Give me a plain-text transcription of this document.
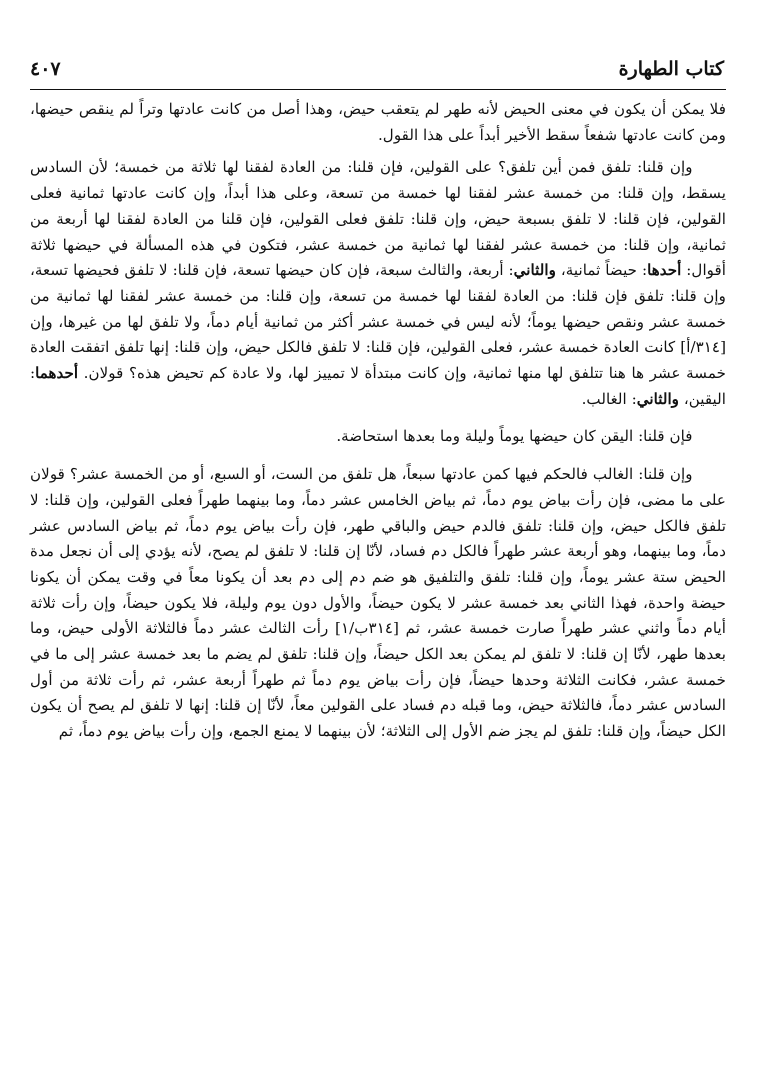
كتاب الطهارة
٤٠٧

فلا يمكن أن يكون في معنى الحيض لأنه طهر لم يتعقب حيض، وهذا أصل من كانت عادتها وتراً لم ينقص حيضها، ومن كانت عادتها شفعاً سقط الأخير أبداً على هذا القول.

وإن قلنا: تلفق فمن أين تلفق؟ على القولين، فإن قلنا: من العادة لفقنا لها ثلاثة من خمسة؛ لأن السادس يسقط، وإن قلنا: من خمسة عشر لفقنا لها خمسة من تسعة، وعلى هذا أبداً، وإن كانت عادتها ثمانية فعلى القولين، فإن قلنا: لا تلفق بسبعة حيض، وإن قلنا: تلفق فعلى القولين، فإن قلنا من العادة لفقنا لها أربعة من ثمانية، وإن قلنا: من خمسة عشر لفقنا لها ثمانية من خمسة عشر، فتكون في هذه المسألة في حيضها ثلاثة أقوال: أحدها: حيضاً ثمانية، والثاني: أربعة، والثالث سبعة، فإن كان حيضها تسعة، فإن قلنا: لا تلفق فحيضها تسعة، وإن قلنا: تلفق فإن قلنا: من العادة لفقنا لها خمسة من تسعة، وإن قلنا: من خمسة عشر لفقنا لها ثمانية من خمسة عشر ونقص حيضها يوماً؛ لأنه ليس في خمسة عشر أكثر من ثمانية أيام دماً، ولا تلفق لها من غيرها، وإن [٣١٤/أ] كانت العادة خمسة عشر، فعلى القولين، فإن قلنا: لا تلفق فالكل حيض، وإن قلنا: إنها تلفق اتفقت العادة خمسة عشر ها هنا تتلفق لها منها ثمانية، وإن كانت مبتدأة لا تمييز لها، ولا عادة كم تحيض هذه؟ قولان. أحدهما: اليقين، والثاني: الغالب.

فإن قلنا: اليقن كان حيضها يوماً وليلة وما بعدها استحاضة.

وإن قلنا: الغالب فالحكم فيها كمن عادتها سبعاً، هل تلفق من الست، أو السبع، أو من الخمسة عشر؟ قولان على ما مضى، فإن رأت بياض يوم دماً، ثم بياض الخامس عشر دماً، وما بينهما طهراً فعلى القولين، وإن قلنا: لا تلفق فالكل حيض، وإن قلنا: تلفق فالدم حيض والباقي طهر، فإن رأت بياض يوم دماً، ثم بياض السادس عشر دماً، وما بينهما، وهو أربعة عشر طهراً فالكل دم فساد، لأنّا إن قلنا: لا تلفق لم يصح، لأنه يؤدي إلى أن نجعل مدة الحيض ستة عشر يوماً، وإن قلنا: تلفق والتلفيق هو ضم دم إلى دم بعد أن يكونا معاً في وقت يمكن أن يكونا حيضة واحدة، فهذا الثاني بعد خمسة عشر لا يكون حيضاً، والأول دون يوم وليلة، فلا يكون حيضاً، وإن رأت ثلاثة أيام دماً واثني عشر طهراً صارت خمسة عشر، ثم [٣١٤ب/١] رأت الثالث عشر دماً فالثلاثة الأولى حيض، وما بعدها طهر، لأنّا إن قلنا: لا تلفق لم يمكن بعد الكل حيضاً، وإن قلنا: تلفق لم يضم ما بعد خمسة عشر إلى ما في خمسة عشر، فكانت الثلاثة وحدها حيضاً، فإن رأت بياض يوم دماً ثم طهراً أربعة عشر، ثم رأت ثلاثة من أول السادس عشر دماً، فالثلاثة حيض، وما قبله دم فساد على القولين معاً، لأنّا إن قلنا: إنها لا تلفق لم يصح أن يكون الكل حيضاً، وإن قلنا: تلفق لم يجز ضم الأول إلى الثلاثة؛ لأن بينهما لا يمنع الجمع، وإن رأت بياض يوم دماً، ثم
